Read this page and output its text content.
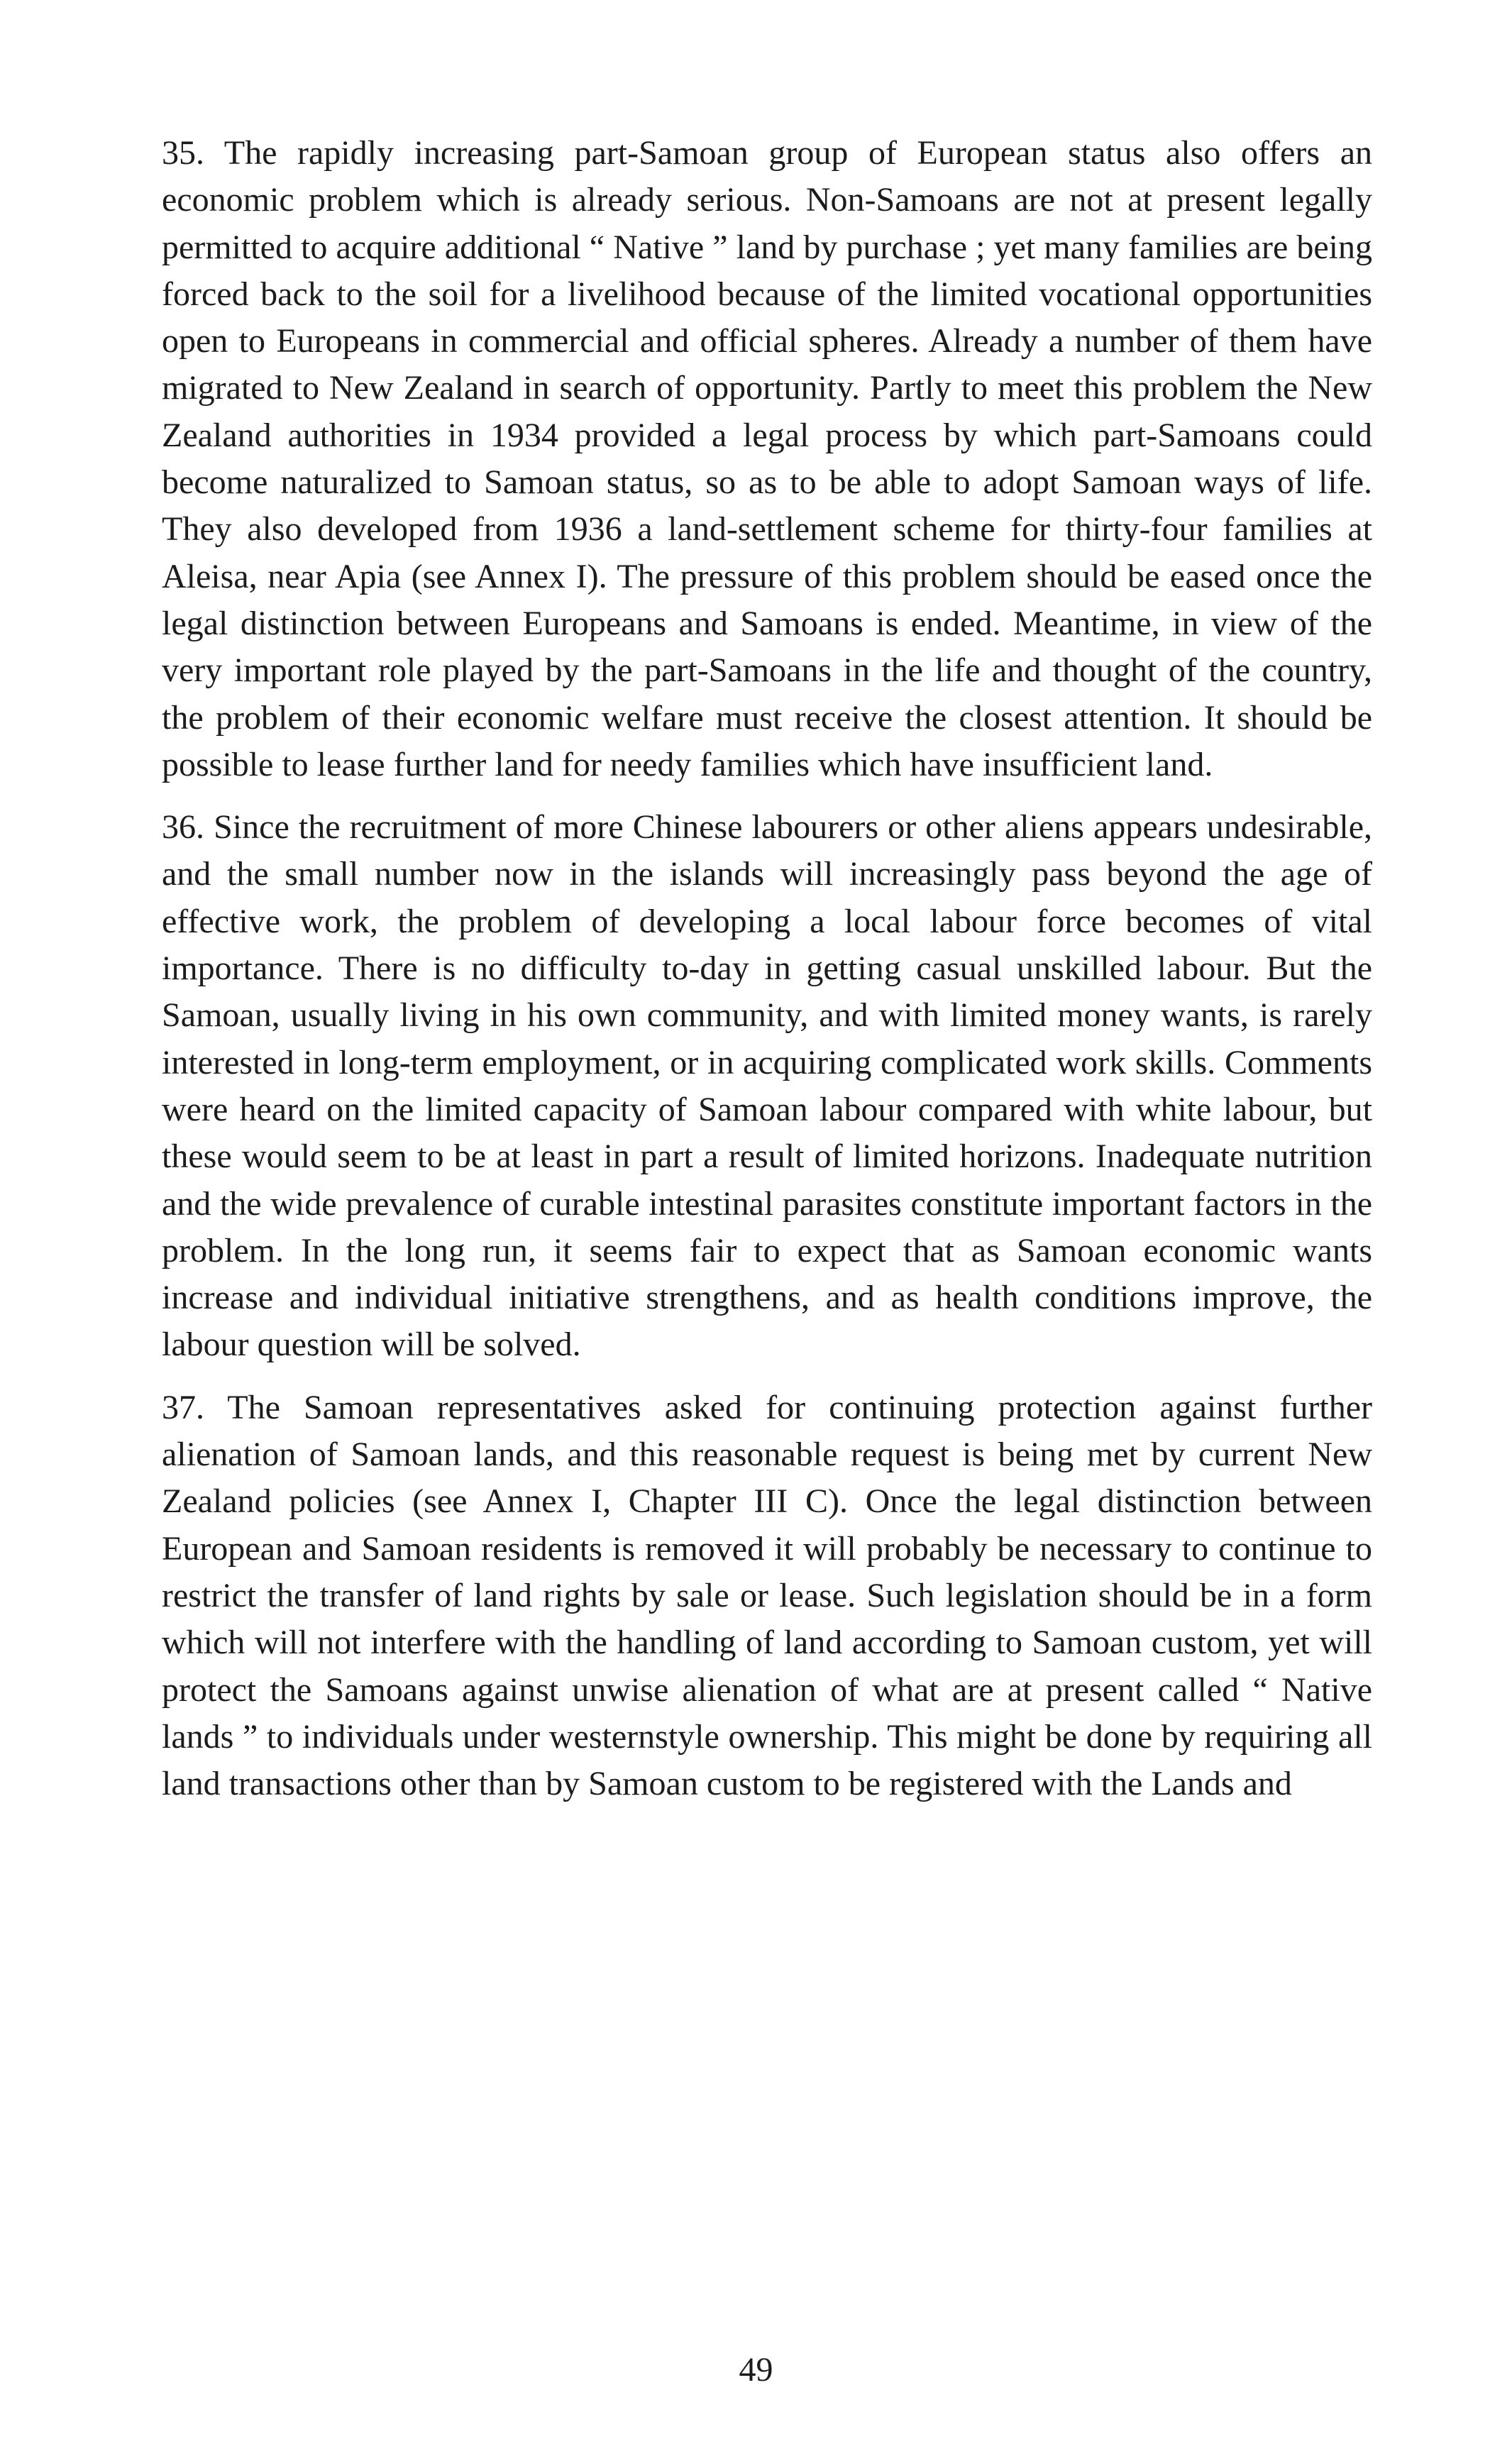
35. The rapidly increasing part-Samoan group of European status also offers an economic problem which is already serious. Non-Samoans are not at present legally permitted to acquire additional “ Native ” land by purchase ; yet many families are being forced back to the soil for a livelihood because of the limited vocational opportunities open to Europeans in commercial and official spheres. Already a number of them have migrated to New Zealand in search of opportunity. Partly to meet this problem the New Zealand authorities in 1934 provided a legal process by which part-Samoans could become naturalized to Samoan status, so as to be able to adopt Samoan ways of life. They also developed from 1936 a land-settlement scheme for thirty-four families at Aleisa, near Apia (see Annex I). The pressure of this problem should be eased once the legal distinction between Europeans and Samoans is ended. Meantime, in view of the very important role played by the part-Samoans in the life and thought of the country, the problem of their economic welfare must receive the closest attention. It should be possible to lease further land for needy families which have insufficient land.

36. Since the recruitment of more Chinese labourers or other aliens appears undesirable, and the small number now in the islands will increasingly pass beyond the age of effective work, the problem of developing a local labour force becomes of vital importance. There is no difficulty to-day in getting casual unskilled labour. But the Samoan, usually living in his own community, and with limited money wants, is rarely interested in long-term employment, or in acquiring complicated work skills. Comments were heard on the limited capacity of Samoan labour compared with white labour, but these would seem to be at least in part a result of limited horizons. Inadequate nutrition and the wide prevalence of curable intestinal parasites constitute important factors in the problem. In the long run, it seems fair to expect that as Samoan economic wants increase and individual initiative strengthens, and as health conditions improve, the labour question will be solved.

37. The Samoan representatives asked for continuing protection against further alienation of Samoan lands, and this reasonable request is being met by current New Zealand policies (see Annex I, Chapter III C). Once the legal distinction between European and Samoan residents is removed it will probably be necessary to continue to restrict the transfer of land rights by sale or lease. Such legislation should be in a form which will not interfere with the handling of land according to Samoan custom, yet will protect the Samoans against unwise alienation of what are at present called “ Native lands ” to individuals under westernstyle ownership. This might be done by requiring all land transactions other than by Samoan custom to be registered with the Lands and

49
